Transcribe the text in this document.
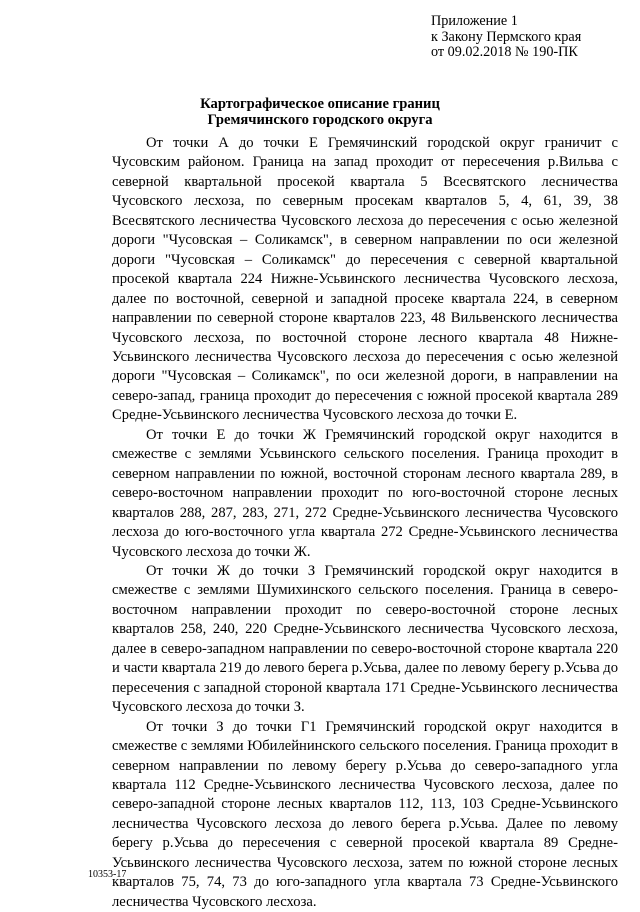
Приложение 1
к Закону Пермского края
от 09.02.2018 № 190-ПК
Картографическое описание границ
Гремячинского городского округа

От точки А до точки Е Гремячинский городской округ граничит с Чусовским районом. Граница на запад проходит от пересечения р.Вильва с северной квартальной просекой квартала 5 Всесвятского лесничества Чусовского лесхоза, по северным просекам кварталов 5, 4, 61, 39, 38 Всесвятского лесничества Чусовского лесхоза до пересечения с осью железной дороги "Чусовская – Соликамск", в северном направлении по оси железной дороги "Чусовская – Соликамск" до пересечения с северной квартальной просекой квартала 224 Нижне-Усьвинского лесничества Чусовского лесхоза, далее по восточной, северной и западной просеке квартала 224, в северном направлении по северной стороне кварталов 223, 48 Вильвенского лесничества Чусовского лесхоза, по восточной стороне лесного квартала 48 Нижне-Усьвинского лесничества Чусовского лесхоза до пересечения с осью железной дороги "Чусовская – Соликамск", по оси железной дороги, в направлении на северо-запад, граница проходит до пересечения с южной просекой квартала 289 Средне-Усьвинского лесничества Чусовского лесхоза до точки Е.

От точки Е до точки Ж Гремячинский городской округ находится в смежестве с землями Усьвинского сельского поселения. Граница проходит в северном направлении по южной, восточной сторонам лесного квартала 289, в северо-восточном направлении проходит по юго-восточной стороне лесных кварталов 288, 287, 283, 271, 272 Средне-Усьвинского лесничества Чусовского лесхоза до юго-восточного угла квартала 272 Средне-Усьвинского лесничества Чусовского лесхоза до точки Ж.

От точки Ж до точки З Гремячинский городской округ находится в смежестве с землями Шумихинского сельского поселения. Граница в северо-восточном направлении проходит по северо-восточной стороне лесных кварталов 258, 240, 220 Средне-Усьвинского лесничества Чусовского лесхоза, далее в северо-западном направлении по северо-восточной стороне квартала 220 и части квартала 219 до левого берега р.Усьва, далее по левому берегу р.Усьва до пересечения с западной стороной квартала 171 Средне-Усьвинского лесничества Чусовского лесхоза до точки З.

От точки З до точки Г1 Гремячинский городской округ находится в смежестве с землями Юбилейнинского сельского поселения. Граница проходит в северном направлении по левому берегу р.Усьва до северо-западного угла квартала 112 Средне-Усьвинского лесничества Чусовского лесхоза, далее по северо-западной стороне лесных кварталов 112, 113, 103 Средне-Усьвинского лесничества Чусовского лесхоза до левого берега р.Усьва. Далее по левому берегу р.Усьва до пересечения с северной просекой квартала 89 Средне-Усьвинского лесничества Чусовского лесхоза, затем по южной стороне лесных кварталов 75, 74, 73 до юго-западного угла квартала 73 Средне-Усьвинского лесничества Чусовского лесхоза.

10353-17
